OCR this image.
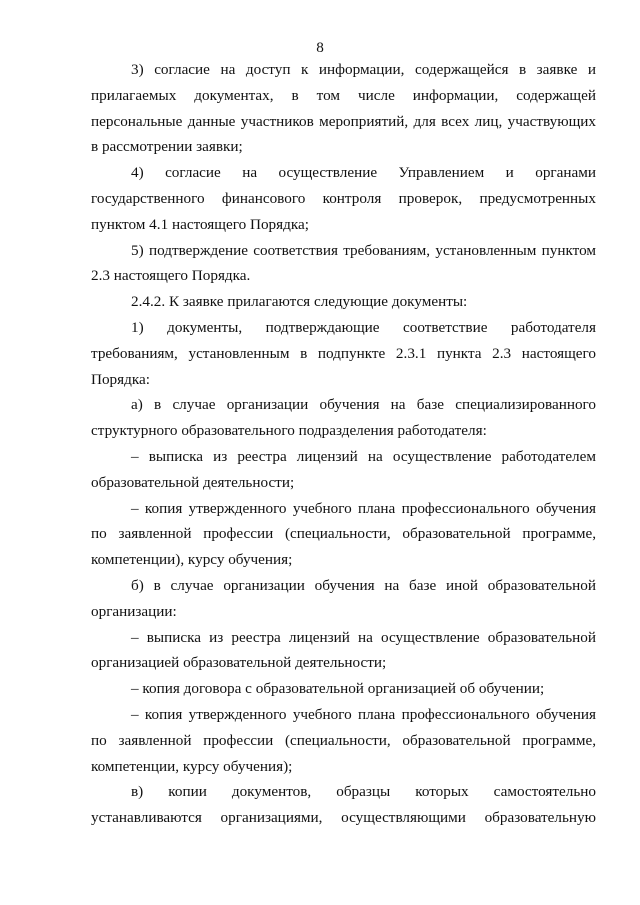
8

3) согласие на доступ к информации, содержащейся в заявке и прилагаемых документах, в том числе информации, содержащей персональные данные участников мероприятий, для всех лиц, участвующих в рассмотрении заявки;

4) согласие на осуществление Управлением и органами государственного финансового контроля проверок, предусмотренных пунктом 4.1 настоящего Порядка;

5) подтверждение соответствия требованиям, установленным пунктом 2.3 настоящего Порядка.

2.4.2. К заявке прилагаются следующие документы:

1) документы, подтверждающие соответствие работодателя требованиям, установленным в подпункте 2.3.1 пункта 2.3 настоящего Порядка:

а) в случае организации обучения на базе специализированного структурного образовательного подразделения работодателя:

– выписка из реестра лицензий на осуществление работодателем образовательной деятельности;

– копия утвержденного учебного плана профессионального обучения по заявленной профессии (специальности, образовательной программе, компетенции), курсу обучения;

б) в случае организации обучения на базе иной образовательной организации:

– выписка из реестра лицензий на осуществление образовательной организацией образовательной деятельности;

– копия договора с образовательной организацией об обучении;

– копия утвержденного учебного плана профессионального обучения по заявленной профессии (специальности, образовательной программе, компетенции, курсу обучения);

в) копии документов, образцы которых самостоятельно устанавливаются организациями, осуществляющими образовательную
